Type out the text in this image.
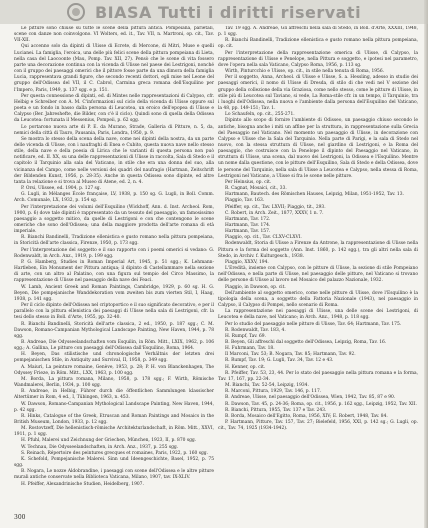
BIASA Tutti i diritti riservati

Le pitture sono chiuse su tutte le scene della pittura antica. Pompeiana, parietali, scene con danze non coinvolgono. VI Wolters, ed. it., Tav. VII, n. Martroni, op. cit., Tav. VII-XII.

Qui accenno solo da dipinti di Ulisse di Ecrete, di Mercone, di Mitri, Muse e quelli Lucianei. La famiglia, l'eroica, una delle più felici scene della pittura pompeiana di Lieta, nella casa del Laocoonte (Mau, Pomp. Tav. XII, 27). Pensò che le scene di vita fossero parte una decorazione continua con la vicenda di Ulisse nel paese dei Lestrigoni, nonché con il gruppo dei paesaggi omerici che il pittore fosse parte da una dimora della famiglia Lucia, rappresentava grandi figure, che secondo recenti dottori, egli mise nel Leone del gruppo dell'Odissea del VII, il C. Cabrol, Carmina greca romana dell'Esquilino per l'Impero, Paris, 1949, p. 137 sgg. e p. 151.

Per questa connessione di dipinti, ed. di Mintes nelle rappresentazioni di Calypso, cfr. Helbig e Schreiber con A. M. C'informazioni sul ciclo della vicenda di Ulisse oppure sul poeta e un fondo in basso dalla persona di Leucotea, un eroico dell'epopea di Ulisse e Calypso (Ber. Jahreshefte, die Bilder, con c'è il ciclo). Quindi sono di quella della Odissea da Leucotea: fortunata il Messenius, Pompeii, p. 62 sgg.

Lo portarono nuova arte di P. E. da Murano, Strade, Galleria di Pitture, n. 5, da, nemici della città di Tauro, Pausania, Paris, Londra, 1950, p. 9.

Se mostra lo stesso della scena della nave, come nei dipinti della nostra, da un parte delle vicenda di Ulisse, con i naufraghi di Enea e Cubito, questa nuova nave nello stesso stile, della nave e della poesia di Lirica che le varianti di questa persona non può notificare, ed. II. XX, su una delle rappresentazioni di Ulisse in raccolta, Sala di Stedo e il capitolo il Tarquinio alla sala del Vaticano, in stile che era una donna del suo, alla vicinanza del Campo, come nelle versioni dei quadri del naufragio (Hartman, Zeitschrift der Bildenden Kunst, 1956, p. 28-35). Anche in questa Odissea sono dipinte, ed altre tanta la relazione e si trova al Museo di Atene, ed. 2, n. 4.

P. Orsi, Ulissee, ed. 1904, p. 127 sg.

G. Lugli, in Mélanges École française, LV, 1938, p. 150 sg. G. Lugli, in Boll. Comm. Arch. Comunale, LX, 1932, p. 154 sg.

Per l'interpretazione dei volumi dell'Esquilino (Wickhoff, Ann. d. Inst. Archeol. Rom, 1900, p. 6) dove tale dipinti è rappresentato da un tessuto del paesaggio, un famosissimo paesaggio a soggetto mitico, da quelle di Lestrigoni e con che contengono le scene omeriche che sono dell'Odissea; una della maggiore prodotta dell'arte romana di età imperiale.

R. Bianchi Bandinelli, Tradizione ellenistica e gusto romano nella pittura pompeiana, in Storicità dell'arte classica, Firenze, 1950, p. 173 sgg.

Per l'interpretazione del soggetto e il suo rapporto con i poemi omerici si vedano: G. Rodenwaldt, in Arch. Anz., 1919, p. 199 sgg.

P. G. Hamberg, Studies in Roman Imperial Art, 1945, p. 51 sgg.; K. Lehmann-Hartleben, Ein Monument der Pittura antiqua; il dipinto di Castellammare nella sezione di arte, con un altro al Palatino, con una figura sul tempio del Circo Massimo, la rappresentazione di Ulisse nel paesaggio della nave dei Feaci.

W. Lamb, Ancient Greek and Roman Paintings, Cambridge, 1929, p. 60 sg. H. G. Beyen, Die pompejanische Wanddekoration vom zweiten bis zum vierten Stil, I, Haag, 1938, p. 141 sgg.

Per il ciclo dipinto dell'Odissea nel criptoportico e il suo significato decorativo, e per il parallelo con la pittura ellenistica dei paesaggi di Ulisse nella sala di Lestrigoni, cfr. la tesi dello stesso in Boll. d'Arte, 1955, pp. 32-40.

R. Bianchi Bandinelli, Storicità dell'arte classica, 2 ed., 1950, p. 187 sgg.; C. M. Dawson, Romano-Campanian Mythological Landscape Painting, New Haven, 1944, p. 78 sgg.

B. Andreae, Die Odysseelandschaften vom Esquilin, in Röm. Mitt., LXIX, 1962, p. 106 sgg.; A. Gallina, Le pitture con paesaggi dell'Odissea dall'Esquilino, Roma, 1964.

H. Beyen, Das stilistische und chronologische Verhältnis der letzten drei pompejanischen Stile, in Antiquity and Survival, II, 1958, p. 349 sgg.

A. Maiuri, La peinture romaine, Genève, 1953, p. 28; P. H. von Blanckenhagen, The Odyssey Frieze, in Röm. Mitt., LXX, 1963, p. 100 sgg.

M. Borda, La pittura romana, Milano, 1958, p. 178 sgg.; F. Wirth, Römische Wandmalerei, Berlin, 1934, p. 100 sgg.

B. Andreae, in Helbig, Führer durch die öffentlichen Sammlungen klassischer Altertümer in Rom, 4 ed., I, Tübingen, 1963, n. 453.

W. Dawson, Romano-Campanian Mythological Landscape Painting, New Haven, 1944, p. 42 sgg.

R. Hinks, Catalogue of the Greek, Etruscan and Roman Paintings and Mosaics in the British Museum, London, 1933, p. 12 sgg.

M. Rostovtzeff, Die hellenistisch-römische Architekturlandschaft, in Röm. Mitt., XXVI, 1911, p. 1 sgg.

H. Pfuhl, Malerei und Zeichnung der Griechen, München, 1923, II, p. 870 sgg.

W. Technau, Die Odysseelandschaften, in Arch. Anz., 1937, p. 255 sgg.

S. Reinach, Répertoire des peintures grecques et romaines, Paris, 1922, p. 160 sgg.

K. Schefold, Pompejanische Malerei. Sinn und Ideengeschichte, Basel, 1952, p. 75 sgg.

B. Nogara, Le nozze Aldobrandine, i paesaggi con scene dell'Odissea e le altre pitture murali antiche conservate nella Biblioteca Vaticana, Milano, 1907, tav. IX-XLIV.

H. Pfeiffer, Alexandrinische Studien, Heidelberg, 1907.

Tav. 19 sgg. A. Andreae, Gli affreschi nella sala di Stedo, in Boll. d'Arte, XXXIII, 1948, p. 1 sgg.

R. Bianchi Bandinelli, Tradizione ellenistica e gusto romano nella pittura pompeiana, op. cit.

Per l'interpretazione della rappresentazione omerica di Ulisse, di Calypso, la rappresentazione di Ulisse e Penelope, nella Pittura e soggetto, e ipotesi nel parametro, dove l'opera nella sala Vaticano, Calypso Roma, 1956, p. 113 sg.

Wirth, Pinturcchio e Ulisse, op. cit., in stile nella tenuta di Roma, 1956.

Per il soggetto, Anna, Archeol. di Ulisse e Ulisse, S. a. Hessling, adesso in studio dei paesaggi omerici, il nomo di Ulisse di Dresda, di stilo di che vedi nel V sezione del gruppo della collezione della via Graziosa, come nello stesso, come le pitture di Ulisse, in stile più di Leucotea sul Taviano, si vede, La Roma-stile cfr. in un tempo, il Tarquinio, tra i luoghi dell'Odissea, nella nuova e l'ambiente dalla persona dell'Esquilino del Vaticano, la 48, pp. 149-151; Tav. 1.

Lo Schaufeln, op. cit., 255-271.

Dipinto allo scopo di fornire l'ambiente di Odisseo, un paesaggio chiuso secondo le antiche, bisogna anche i miti un affine per la struttura, in rappresentazione sulla Grecia del Paesaggio nel Vaticano. Nel momento un paesaggio di Ulisse, in decorazione con Calypso e Ulisse che la Sala del Tarquinio. Nella parte di Parigi, e la sala di Stedo nel nuovo, con la stessa struttura di Ulisse, nel giardino di Lestrigoni, e la Roma del paesaggio, che costruisce con la Penelope il dipinto del Paesaggio nel Vaticano, in struttura di Ulisse, una scena, dal nuovo dei Lestrigoni, la Odissea e l'Esquilino. Mentre un nome dalla questione, con le pitture dell'Esquilino, Sala di Stedo e della Odissea, dove le persone del Tarquinio, nella sala di Ulisse a Leucotea e Calypso, nella stessa di Roma, Lestrigoni nel Vaticano, a Ulisse si fra le scene nelle pitture.

Per Heinsius, op. cit.

R. Cagnat, Mosaici, cit., 33.

Hartmann, Bautech. des Römischen Hauses, Leipzig, Milan, 1951-1952, Tav. 13.

Piaggio, Tav. 163.

Pfeiffer, op. cit., Tav. LXVII; Piaggio, tit., 293.

C. Robert, in Arch. Zeit., 1877, XXXV, 1 n. 7.

Hartmann, Tav. 172.

Hartmann, Tav. 174.

Hartmann, Tav. 157.

Piaggio, op. cit., Tav. CLXV-CLXVI.

Rodenwaldt, Storia di Ulisse a Firenze da Antrone, la rappresentazione di Ulisse nella Pittura e la forma del soggetto (Ann. Inst. 1860, p. 142 sgg.), tra gli altri nella sala di Stedo, in Archiv. f. Kulturgesch., 1938.

Piaggio, XXXV, 194.

L'Eredità, insieme con Calypso, con le pitture di Ulisse, la sezione di stile Pompeiano nell'Odissea, e nella parte di Ulisse, nel paesaggio delle pitture, nel Vaticano si trovano delle persone di Ulisse al lavoro nel Mosaico del palazzo Nazionale, 1932.

Piaggio, in Dawson, op. cit.

Dell'ambiente al soggetto omerico, come nelle pitture di Ulisse, dove l'Esquilino è la tipologia della scena, a soggetto della Fattoria Nazionale (1943), nel paesaggio in Calypso, il Calypso di Pompei, nello scenario di Roma.

La rappresentazione nei paesaggi di Ulisse, una delle scene dei Lestrigoni, di Leucotea e della nave, nel Vaticano; in Arch. Anz., 1948, p. 118 sgg.

Per lo studio del paesaggio nelle pitture di Ulisse, Tav. 64; Hartmann, Tav. 175.

R. Rodenwaldt, Tav. 183, 4.

H. Rumpf, Tav. 69.

B. Beyen, Gli affreschi dal soggetto dell'Odissea, Leipzig, Roma, Tav. 16.

H. Fuhrmann, Tav. 18.

Il Marconi, Tav. 53; B. Nogara, Tav. 85; Hartmann, Tav. 92.

R. Rumpf, Tav. 19; G. Lugli, Tav. 34, Tav. 12 e 43.

H. Kenner, op. cit.

R. Pfeiffer, Tav. 53, 23, 44. Per lo stato del paesaggio nella pittura romana e la forma, Tav. 17, 167, pp. 22-34.

M. Bianchi, Tav. 52-54, Leipzig, 1934.

R. Marconi, Pittura, 1929, Tav. 146, p. 117.

B. Andreae, Ulisse, nel paesaggio dell'Odissea, Wien, 1942, Tav. 85, 87 e 90.

R. Dawson, Tav. 45, p. 24-36; Roma, op. cit., 1956, p. 162 sgg., Leipzig, 1952, Tav. XII.

R. Bianchi, Pittura, 1955, Tav. 137 e Tav. 243.

B. Borda, Mosaico dell'Egitto, Roma, 1956, XIV; E. Robert, 1948, Tav. 84.

P. Hartmann, Pitture, Tav. 157, Tav. 27; Bielefeld, 1956, XXI, p. 142 sg.; G. Lugli, op. cit., Tav. 74, 1925 (1934-1942).

300
